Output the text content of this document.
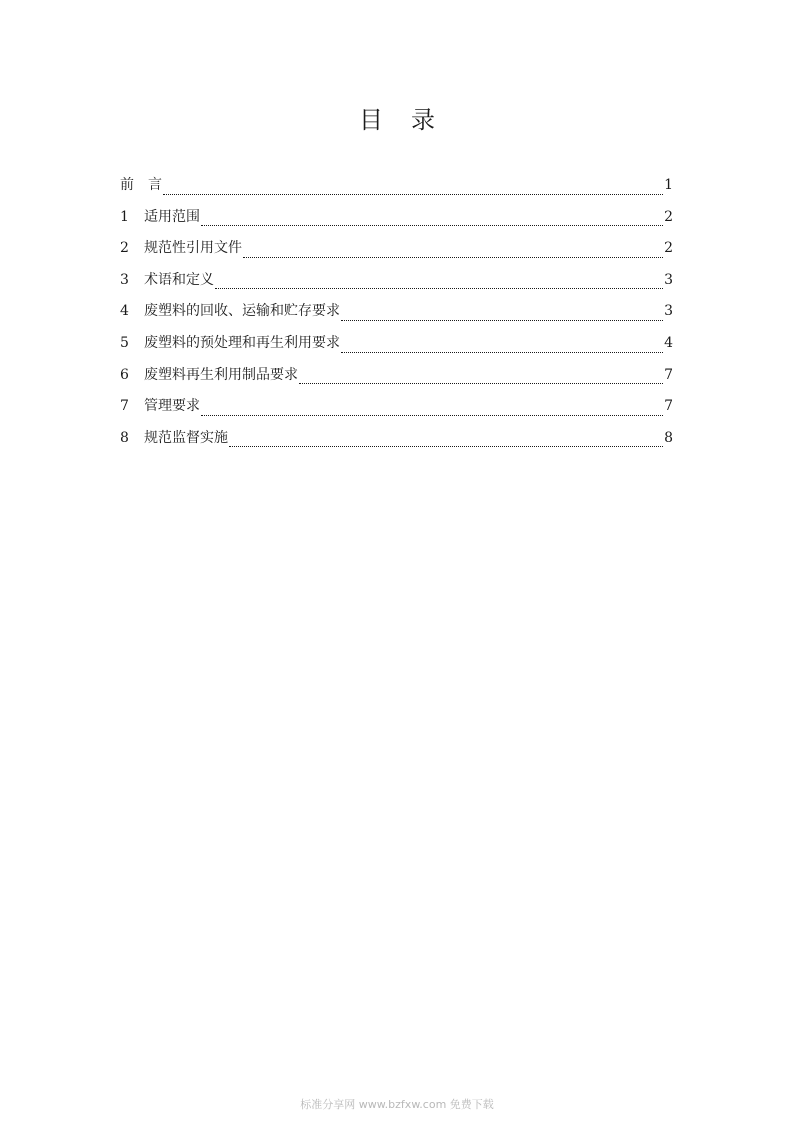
目 录
前　言	1
1	适用范围	2
2	规范性引用文件	2
3	术语和定义	3
4	废塑料的回收、运输和贮存要求	3
5	废塑料的预处理和再生利用要求	4
6	废塑料再生利用制品要求	7
7	管理要求	7
8	规范监督实施	8
标准分享网 www.bzfxw.com 免费下载
